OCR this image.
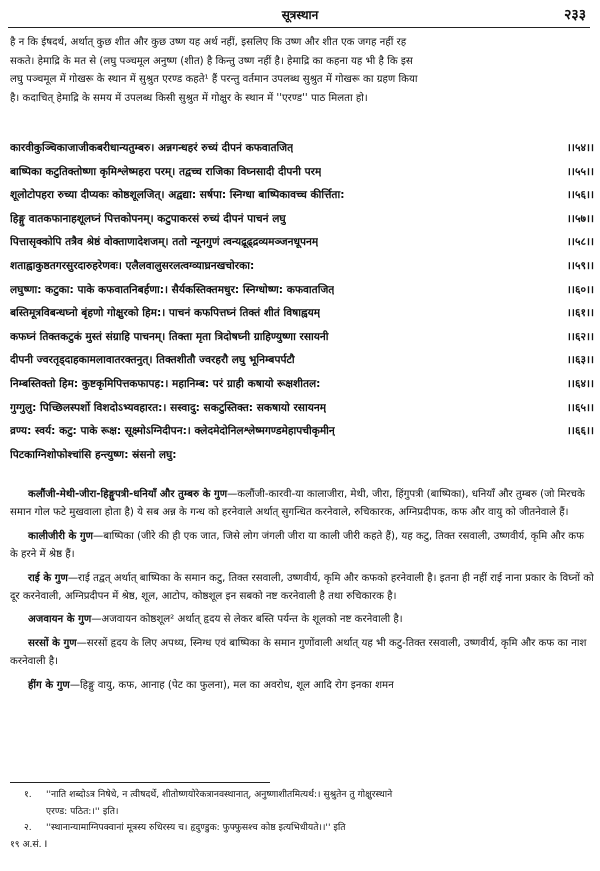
सूत्रस्थान	२३३

है न कि ईषदर्थ, अर्थात्‌ कुछ शीत और कुछ उष्ण यह अर्थ नहीं, इसलिए कि उष्ण और शीत एक जगह नहीं रह

सकते। हेमाद्रि के मत से (लघु पञ्चमूल अनुष्ण (शीत) है किन्तु उष्ण नहीं है। हेमाद्रि का कहना यह भी है कि इस

लघु पञ्चमूल में गोखरू के स्थान में सुश्रुत एरण्ड कहते¹ हैं परन्तु वर्तमान उपलब्ध सुश्रुत में गोखरू का ग्रहण किया

है। कदाचित्‌ हेमाद्रि के समय में उपलब्ध किसी सुश्रुत में गोक्षुर के स्थान में ''एरण्ड'' पाठ मिलता हो।

कारवीकुञ्चिकाजाजीकबरीधान्यतुम्बरु। अन्नगन्धहरं रुच्यं दीपनं कफवातजित्‌	।।५४।।
बाष्पिका कटुतिक्तोष्णा कृमिश्लेष्महरा परम्‌। तद्वच्च राजिका विघ्नसादी दीपनी परम्‌	।।५५।।
शूलोटोपहरा रुच्या दीप्यकः कोष्ठशूलजित्‌। अद्वद्या: सर्षपा: स्निग्धा बाष्पिकावच्च कीर्त्तिता:	।।५६।।
हिङ्गु वातकफानाहशूलघ्नं पित्तकोपनम्‌। कटुपाकरसं रुच्यं दीपनं पाचनं लघु	।।५७।।
पित्तासृक्कोपि तत्रैव श्रेष्ठं वोक्ताणादेशजम्‌। ततो न्यूनगुणं त्वन्यद्रूढ्‌द्रव्यमञ्जनधूपनम्‌	।।५८।।
शताह्वाकुष्ठतगरसुरदारुहरेणवः। एलैलवालुसरलत्वग्व्याघ्रनखचोरका:	।।५९।।
लघुष्णा: कटुका: पाके कफवातनिबर्हणा:। सैर्यकस्तिक्तमधुर: स्निग्धोष्ण: कफवातजित्‌	।।६०।।
बस्तिमूत्रविबन्धघ्नो बृंहणो गोक्षुरको हिम:। पाचनं कफपित्तघ्नं तिक्तं शीतं विषाह्वयम्‌	।।६१।।
कफघ्नं तिक्तकटुकं मुस्तं संग्राहि पाचनम्‌। तिक्ता मृता त्रिदोषघ्नी ग्राहिण्युष्णा रसायनी	।।६२।।
दीपनी ज्वरतृड्‌दाहकामलावातरक्तनुत्‌। तिक्तशीतौ ज्वरहरौ लघु भूनिम्बपर्पटौ	।।६३।।
निम्बस्तिक्तो हिम: कुष्टकृमिपित्तकफापह:। महानिम्ब: परं ग्राही कषायो रूक्षशीतल:	।।६४।।
गुग्गुलु: पिच्छिलस्पर्शो विशदोऽभ्यवहारत:। सस्वादु: सकटुस्तिक्त: सकषायो रसायनम्‌	।।६५।।
व्रण्य: स्वर्य: कटु: पाके रूक्ष: सूक्ष्मोऽग्निदीपन:। क्लेदमेदोनिलश्लेष्मगण्डमेहापचीकृमीन्‌	।।६६।।
पिटकाग्निशोफोश्चांसि हन्त्युष्ण: स्रंसनो लघु:

कलौंजी-मेथी-जीरा-हिङ्गुपत्री-धनियाँ और तुम्बरु के गुण—कलौंजी-कारवी-या कालाजीरा, मेथी, जीरा, हिंगुपत्री (बाष्पिका), धनियाँ और तुम्बरु (जो मिरचके समान गोल फटे मुखवाला होता है) ये सब अन्न के गन्ध को हरनेवाले अर्थात्‌ सुगन्धित करनेवाले, रुचिकारक, अग्निप्रदीपक, कफ और वायु को जीतनेवाले हैं।

कालीजीरी के गुण—बाष्पिका (जीरे की ही एक जात, जिसे लोग जंगली जीरा या काली जीरी कहते हैं), यह कटु, तिक्त रसवाली, उष्णवीर्य, कृमि और कफ के हरने में श्रेष्ठ हैं।

राई के गुण—राई तद्वत्‌ अर्थात्‌ बाष्पिका के समान कटु, तिक्त रसवाली, उष्णवीर्य, कृमि और कफको हरनेवाली है। इतना ही नहीं राई नाना प्रकार के विघ्नों को दूर करनेवाली, अग्निप्रदीपन में श्रेष्ठ, शूल, आटोप, कोष्ठशूल इन सबको नष्ट करनेवाली है तथा रुचिकारक है।

अजवायन के गुण—अजवायन कोष्ठशूल² अर्थात्‌ हृदय से लेकर बस्ति पर्यन्त के शूलको नष्ट करनेवाली है।

सरसों के गुण—सरसों हृदय के लिए अपथ्य, स्निग्ध एवं बाष्पिका के समान गुणोंवाली अर्थात्‌ यह भी कटु-तिक्त रसवाली, उष्णवीर्य, कृमि और कफ का नाश करनेवाली है।

हींग के गुण—हिङ्गु वायु, कफ, आनाह (पेट का फुलना), मल का अवरोध, शूल आदि रोग इनका शमन

१. ''नाति शब्दोऽत्र निषेधे, न त्वीषदर्थे, शीतोष्णयोरेकत्रानवस्थानात्‌, अनुष्णाशीतमित्यर्थ:। सुश्रुतेन तु गोक्षुरस्थाने

एरण्ड: पठित:।'' इति।

२. ''स्थानान्यामाग्निपक्वानां मूत्रस्य रुधिरस्य च। हृदुण्डुक: फुफ्फुसश्च कोष्ठ इत्यभिधीयते।।'' इति

१९ अ.सं. I
